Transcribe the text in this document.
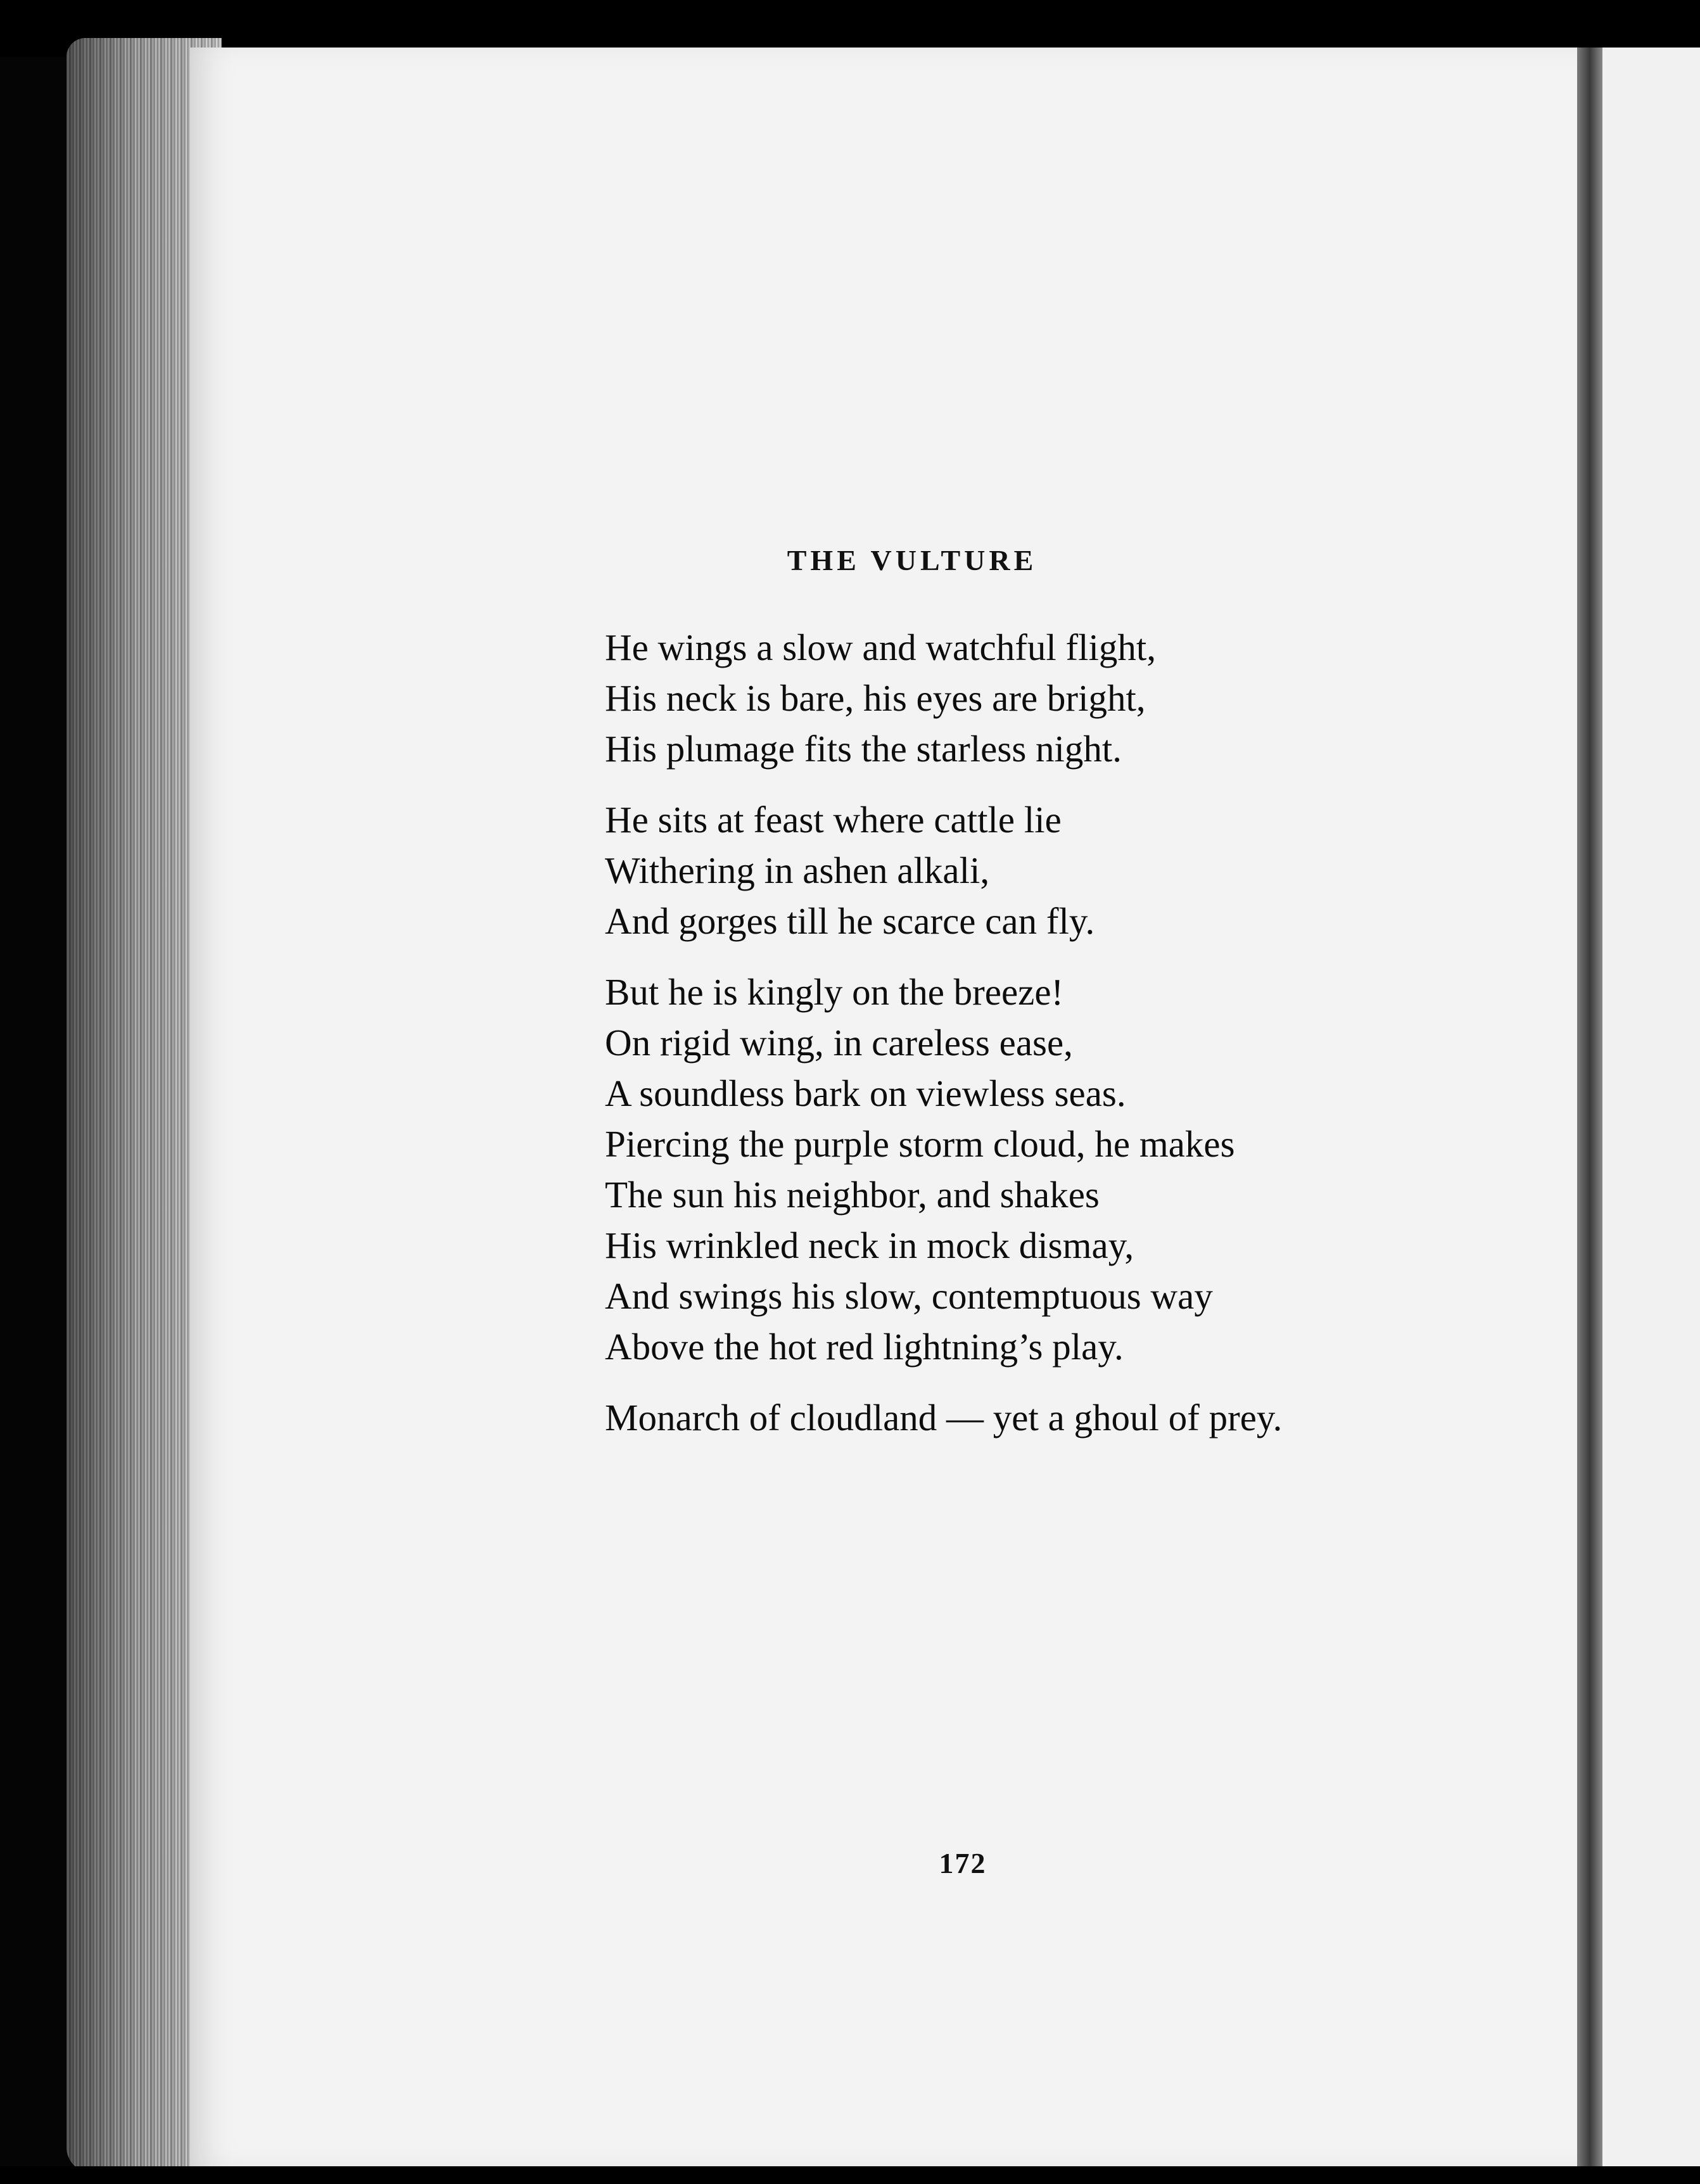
THE VULTURE
He wings a slow and watchful flight,
His neck is bare, his eyes are bright,
His plumage fits the starless night.
He sits at feast where cattle lie
Withering in ashen alkali,
And gorges till he scarce can fly.
But he is kingly on the breeze!
On rigid wing, in careless ease,
A soundless bark on viewless seas.
Piercing the purple storm cloud, he makes
The sun his neighbor, and shakes
His wrinkled neck in mock dismay,
And swings his slow, contemptuous way
Above the hot red lightning’s play.
Monarch of cloudland — yet a ghoul of prey.
172
